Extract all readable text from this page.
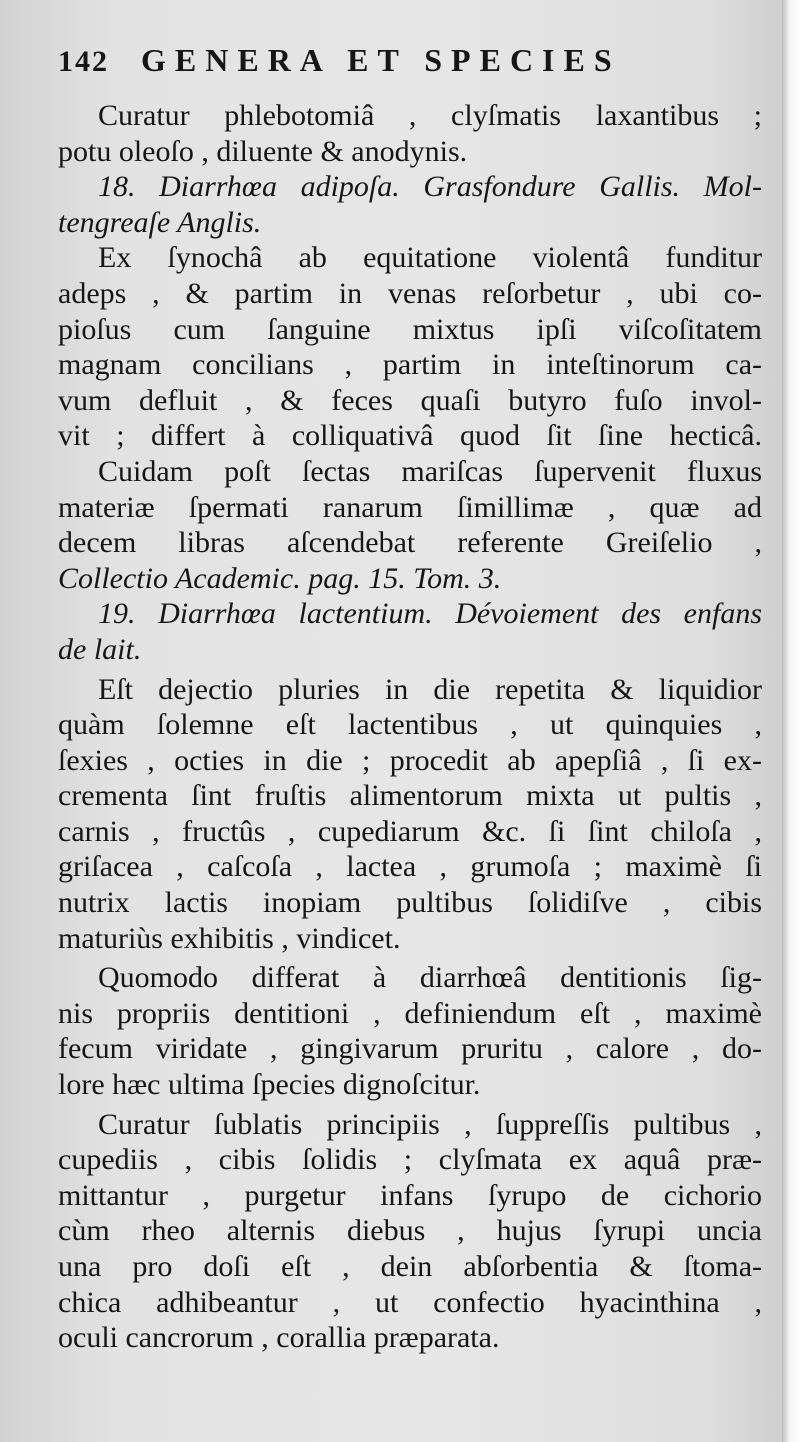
142 GENERA ET SPECIES
Curatur phlebotomiâ , clyſmatis laxantibus ;
potu oleoſo , diluente & anodynis.
18. Diarrhœa adipoſa. Grasfondure Gallis. Mol-
tengreaſe Anglis.
Ex ſynochâ ab equitatione violentâ funditur
adeps , & partim in venas reſorbetur , ubi co-
pioſus cum ſanguine mixtus ipſi viſcoſitatem
magnam concilians , partim in inteſtinorum ca-
vum defluit , & feces quaſi butyro fuſo invol-
vit ; differt à colliquativâ quod ſit ſine hecticâ.
Cuidam poſt ſectas mariſcas ſupervenit fluxus
materiæ ſpermati ranarum ſimillimæ , quæ ad
decem libras aſcendebat referente Greiſelio ,
Collectio Academic. pag. 15. Tom. 3.
19. Diarrhœa lactentium. Dévoiement des enfans
de lait.
Eſt dejectio pluries in die repetita & liquidior
quàm ſolemne eſt lactentibus , ut quinquies ,
ſexies , octies in die ; procedit ab apepſiâ , ſi ex-
crementa ſint fruſtis alimentorum mixta ut pultis ,
carnis , fructûs , cupediarum &c. ſi ſint chiloſa ,
griſacea , caſcoſa , lactea , grumoſa ; maximè ſi
nutrix lactis inopiam pultibus ſolidiſve , cibis
maturiùs exhibitis , vindicet.
Quomodo differat à diarrhœâ dentitionis ſig-
nis propriis dentitioni , definiendum eſt , maximè
fecum viridate , gingivarum pruritu , calore , do-
lore hæc ultima ſpecies dignoſcitur.
Curatur ſublatis principiis , ſuppreſſis pultibus ,
cupediis , cibis ſolidis ; clyſmata ex aquâ præ-
mittantur , purgetur infans ſyrupo de cichorio
cùm rheo alternis diebus , hujus ſyrupi uncia
una pro doſi eſt , dein abſorbentia & ſtoma-
chica adhibeantur , ut confectio hyacinthina ,
oculi cancrorum , corallia præparata.
